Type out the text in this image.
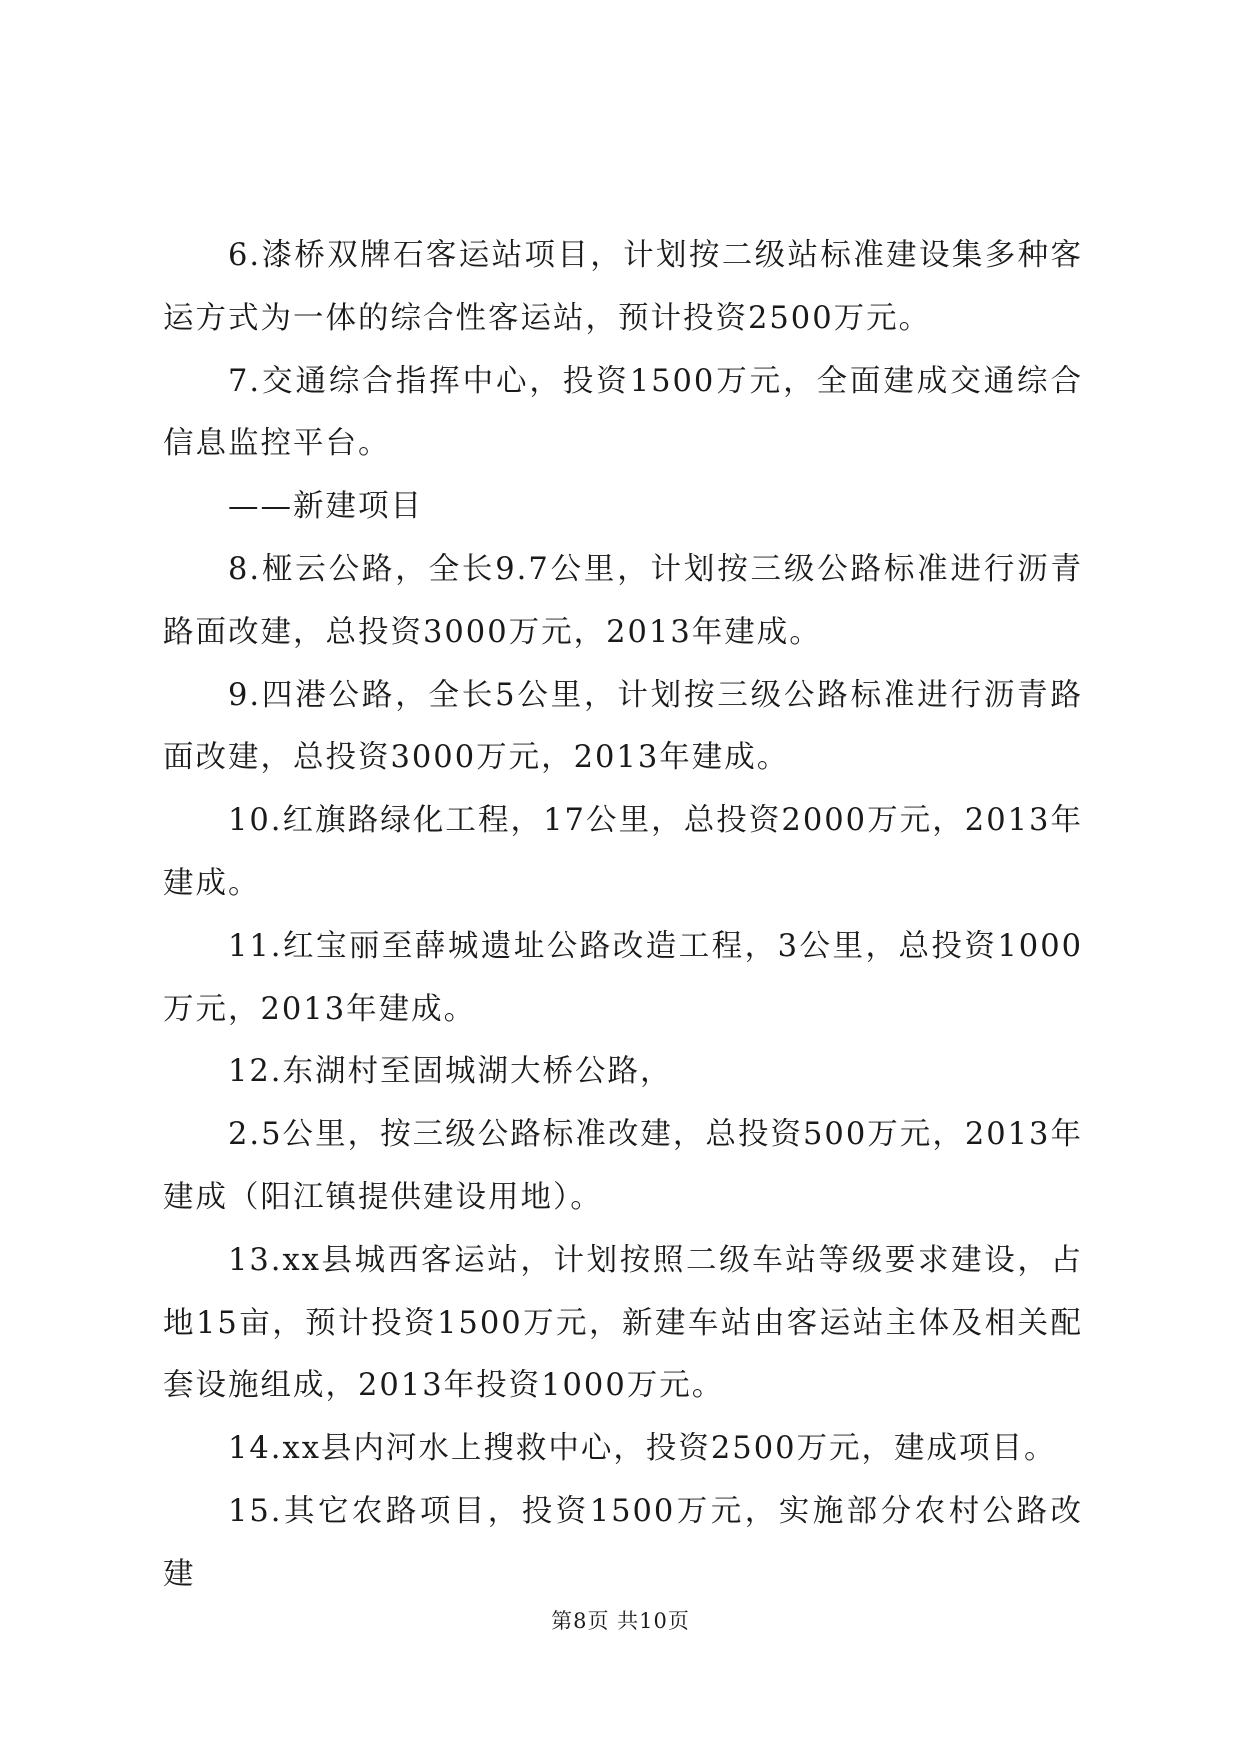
6.漆桥双牌石客运站项目，计划按二级站标准建设集多种客运方式为一体的综合性客运站，预计投资2500万元。

7.交通综合指挥中心，投资1500万元，全面建成交通综合信息监控平台。

——新建项目

8.桠云公路，全长9.7公里，计划按三级公路标准进行沥青路面改建，总投资3000万元，2013年建成。

9.四港公路，全长5公里，计划按三级公路标准进行沥青路面改建，总投资3000万元，2013年建成。

10.红旗路绿化工程，17公里，总投资2000万元，2013年建成。

11.红宝丽至薛城遗址公路改造工程，3公里，总投资1000万元，2013年建成。

12.东湖村至固城湖大桥公路，

2.5公里，按三级公路标准改建，总投资500万元，2013年建成（阳江镇提供建设用地）。

13.xx县城西客运站，计划按照二级车站等级要求建设，占地15亩，预计投资1500万元，新建车站由客运站主体及相关配套设施组成，2013年投资1000万元。

14.xx县内河水上搜救中心，投资2500万元，建成项目。

15.其它农路项目，投资1500万元，实施部分农村公路改建

第8页 共10页
